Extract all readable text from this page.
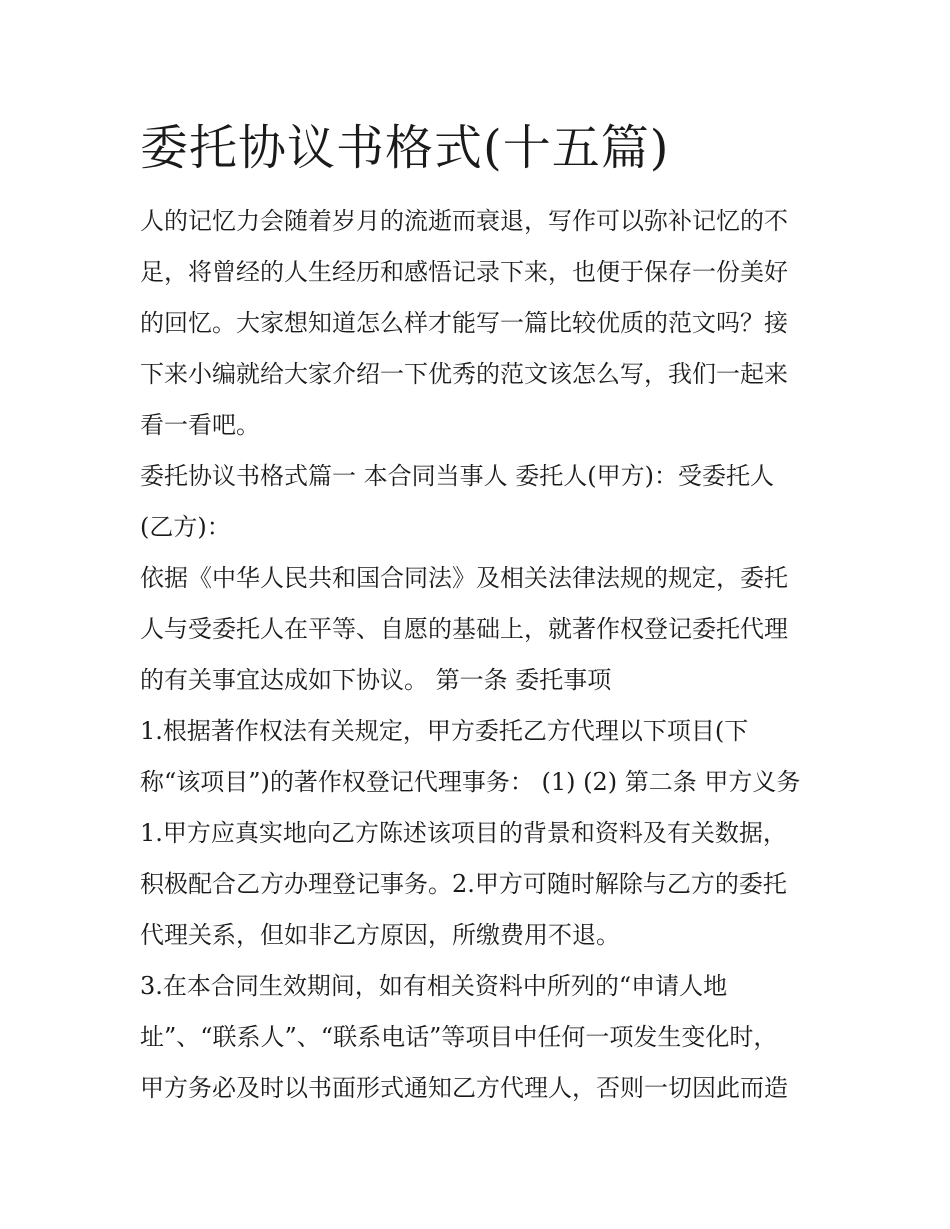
委托协议书格式(十五篇)

人的记忆力会随着岁月的流逝而衰退，写作可以弥补记忆的不

足，将曾经的人生经历和感悟记录下来，也便于保存一份美好

的回忆。大家想知道怎么样才能写一篇比较优质的范文吗？接

下来小编就给大家介绍一下优秀的范文该怎么写，我们一起来

看一看吧。

委托协议书格式篇一 本合同当事人 委托人(甲方)：受委托人

(乙方)：

依据《中华人民共和国合同法》及相关法律法规的规定，委托

人与受委托人在平等、自愿的基础上，就著作权登记委托代理

的有关事宜达成如下协议。 第一条 委托事项

1.根据著作权法有关规定，甲方委托乙方代理以下项目(下

称“该项目”)的著作权登记代理事务： (1) (2) 第二条 甲方义务

1.甲方应真实地向乙方陈述该项目的背景和资料及有关数据，

积极配合乙方办理登记事务。2.甲方可随时解除与乙方的委托

代理关系，但如非乙方原因，所缴费用不退。

3.在本合同生效期间，如有相关资料中所列的“申请人地

址”、“联系人”、“联系电话”等项目中任何一项发生变化时，

甲方务必及时以书面形式通知乙方代理人，否则一切因此而造
